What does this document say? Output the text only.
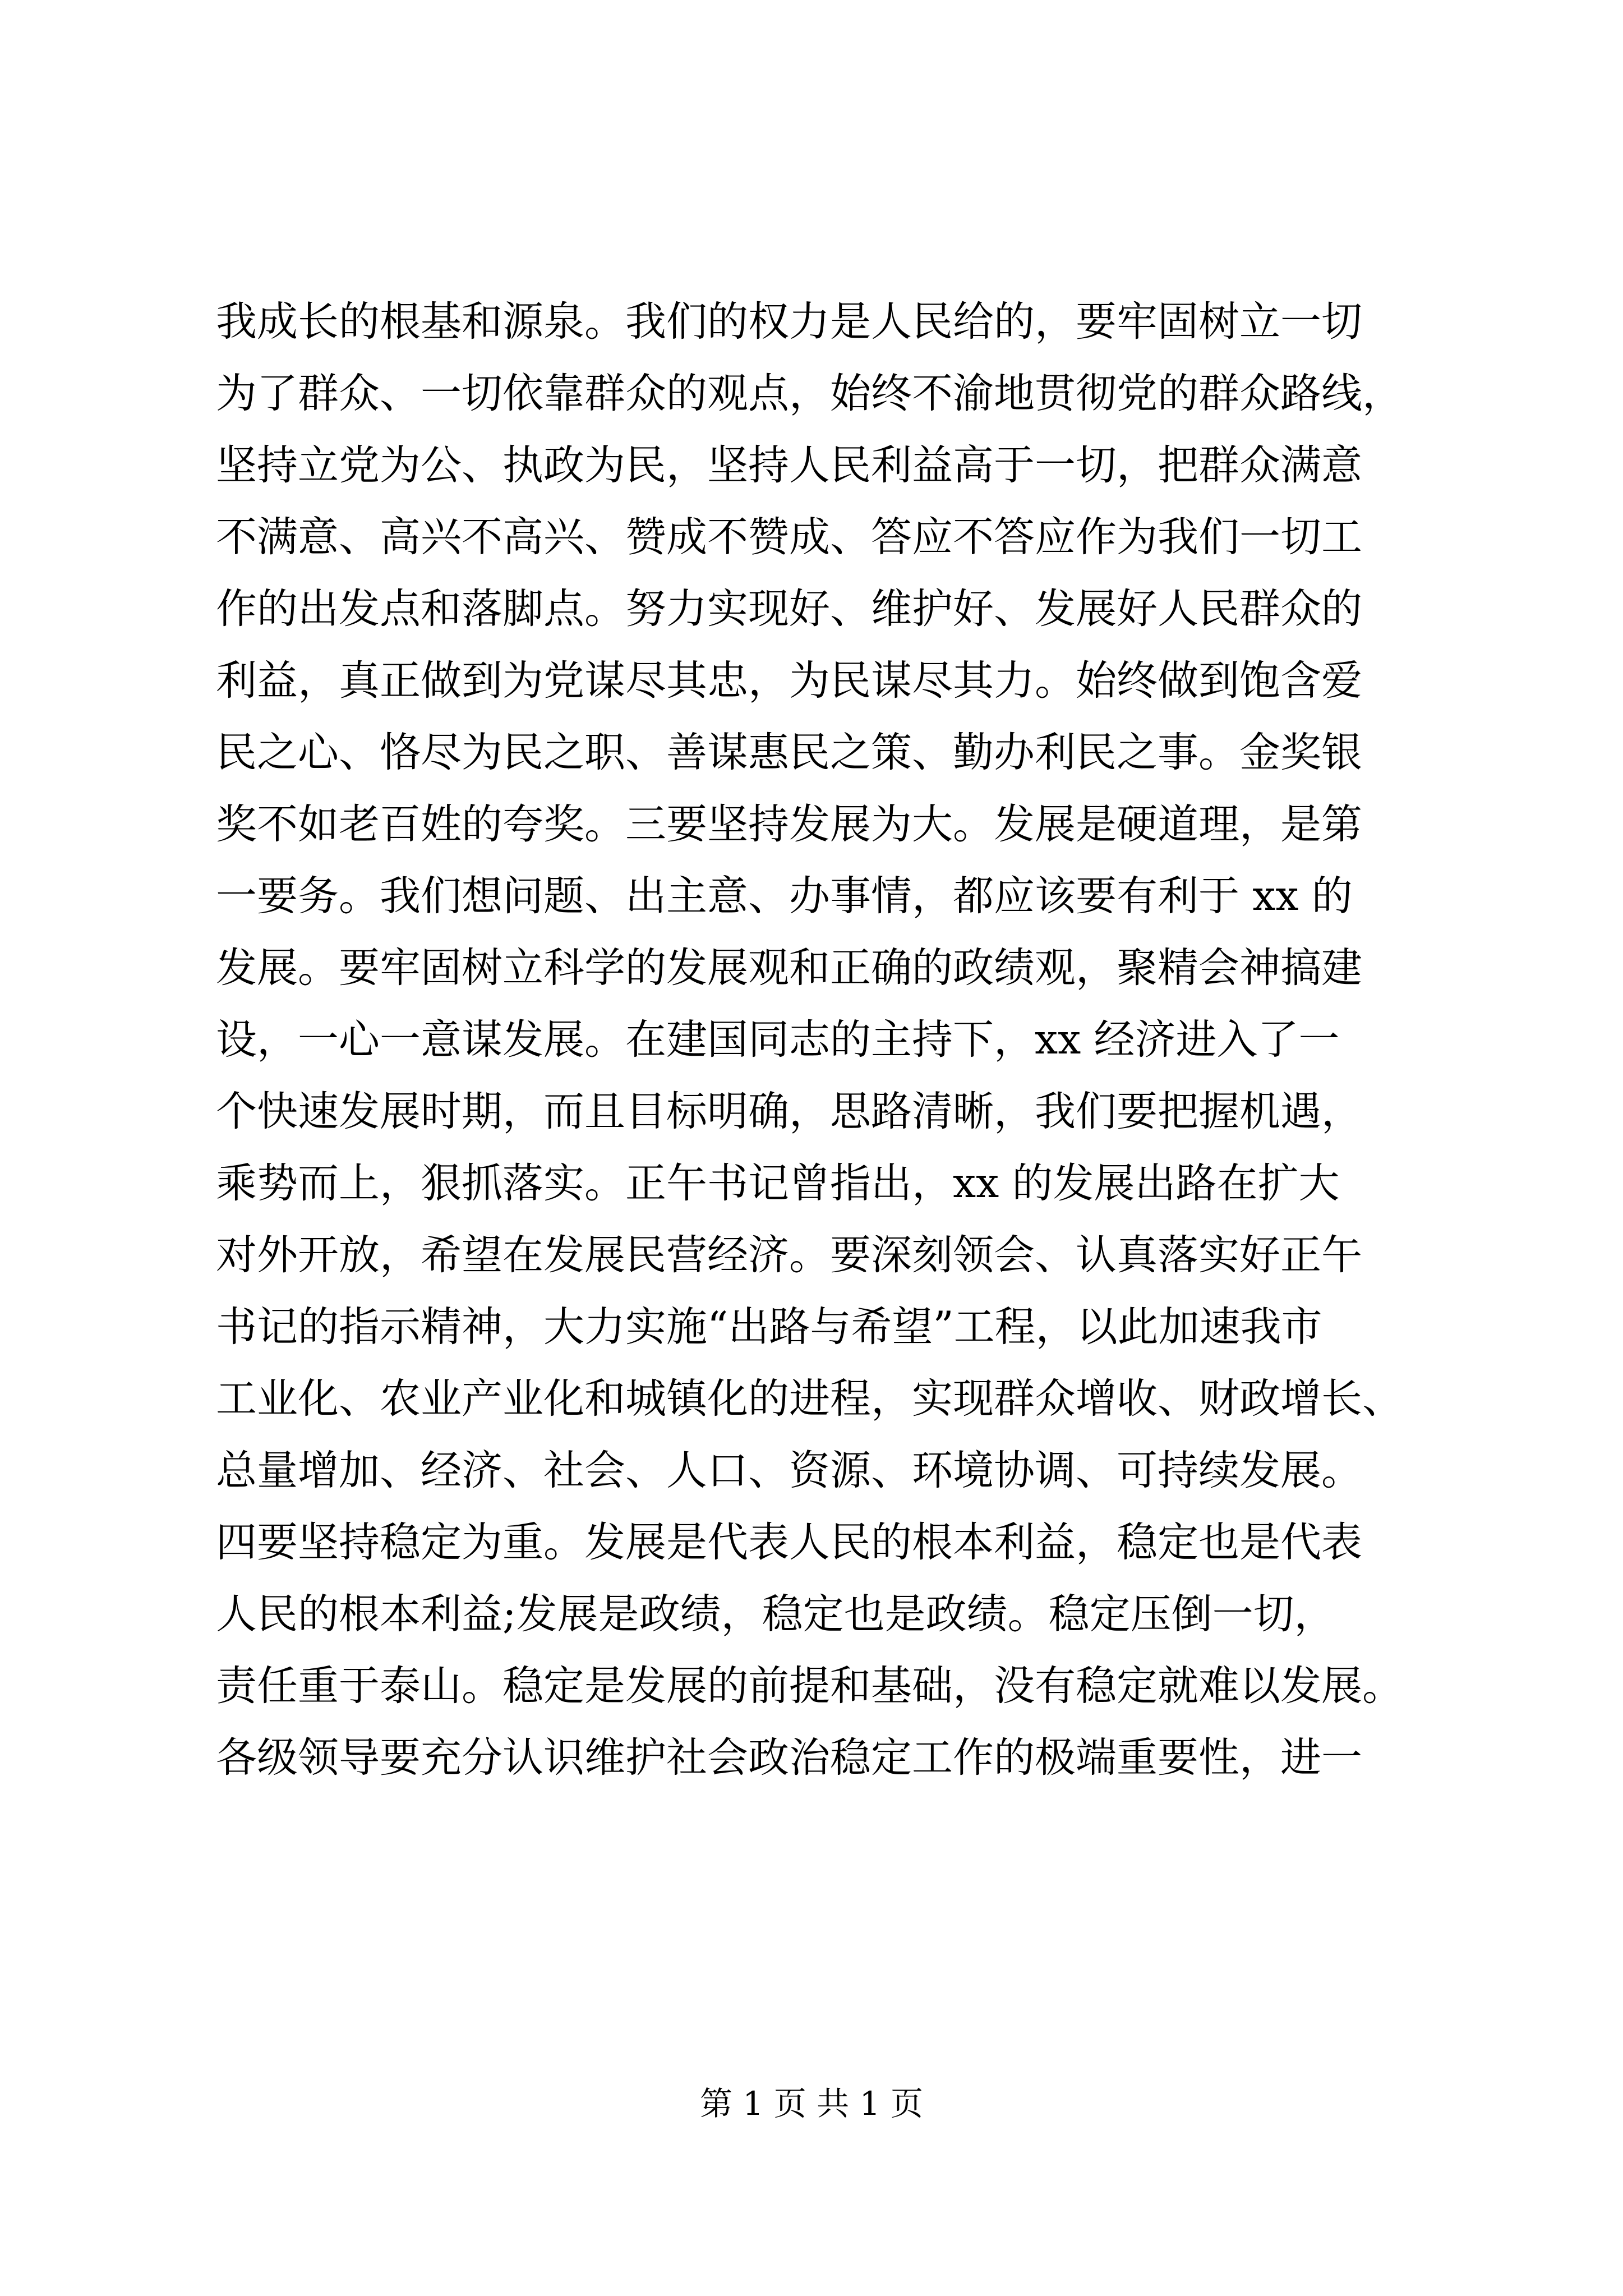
我成长的根基和源泉。我们的权力是人民给的，要牢固树立一切
为了群众、一切依靠群众的观点，始终不渝地贯彻党的群众路线，
坚持立党为公、执政为民，坚持人民利益高于一切，把群众满意
不满意、高兴不高兴、赞成不赞成、答应不答应作为我们一切工
作的出发点和落脚点。努力实现好、维护好、发展好人民群众的
利益，真正做到为党谋尽其忠，为民谋尽其力。始终做到饱含爱
民之心、恪尽为民之职、善谋惠民之策、勤办利民之事。金奖银
奖不如老百姓的夸奖。三要坚持发展为大。发展是硬道理，是第
一要务。我们想问题、出主意、办事情，都应该要有利于 xx 的
发展。要牢固树立科学的发展观和正确的政绩观，聚精会神搞建
设，一心一意谋发展。在建国同志的主持下，xx 经济进入了一
个快速发展时期，而且目标明确，思路清晰，我们要把握机遇，
乘势而上，狠抓落实。正午书记曾指出，xx 的发展出路在扩大
对外开放，希望在发展民营经济。要深刻领会、认真落实好正午
书记的指示精神，大力实施“出路与希望”工程，以此加速我市
工业化、农业产业化和城镇化的进程，实现群众增收、财政增长、
总量增加、经济、社会、人口、资源、环境协调、可持续发展。
四要坚持稳定为重。发展是代表人民的根本利益，稳定也是代表
人民的根本利益;发展是政绩，稳定也是政绩。稳定压倒一切，
责任重于泰山。稳定是发展的前提和基础，没有稳定就难以发展。
各级领导要充分认识维护社会政治稳定工作的极端重要性，进一
第 1 页 共 1 页
